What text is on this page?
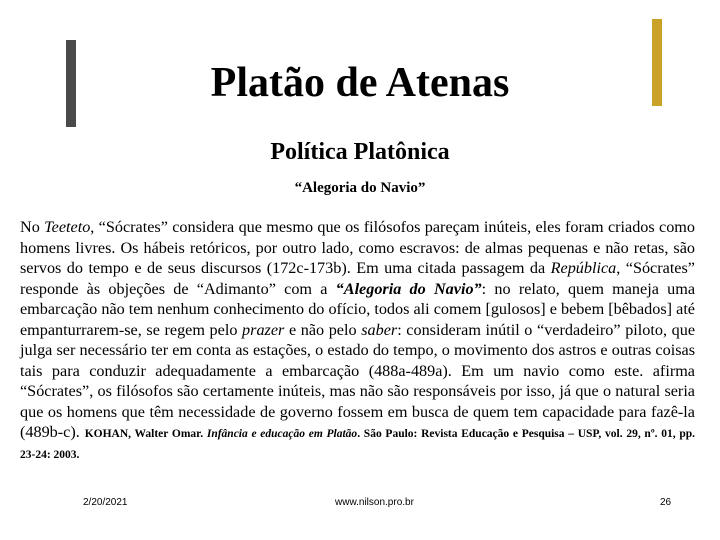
Platão de Atenas
Política Platônica
“Alegoria do Navio”
No Teeteto, “Sócrates” considera que mesmo que os filósofos pareçam inúteis, eles foram criados como homens livres. Os hábeis retóricos, por outro lado, como escravos: de almas pequenas e não retas, são servos do tempo e de seus discursos (172c-173b). Em uma citada passagem da República, “Sócrates” responde às objeções de “Adimanto” com a “Alegoria do Navio”: no relato, quem maneja uma embarcação não tem nenhum conhecimento do ofício, todos ali comem [gulosos] e bebem [bêbados] até empanturrarem-se, se regem pelo prazer e não pelo saber: consideram inútil o “verdadeiro” piloto, que julga ser necessário ter em conta as estações, o estado do tempo, o movimento dos astros e outras coisas tais para conduzir adequadamente a embarcação (488a-489a). Em um navio como este. afirma “Sócrates”, os filósofos são certamente inúteis, mas não são responsáveis por isso, já que o natural seria que os homens que têm necessidade de governo fossem em busca de quem tem capacidade para fazê-la (489b-c). KOHAN, Walter Omar. Infância e educação em Platão. São Paulo: Revista Educação e Pesquisa – USP, vol. 29, nº. 01, pp. 23-24: 2003.
2/20/2021	www.nilson.pro.br	26
